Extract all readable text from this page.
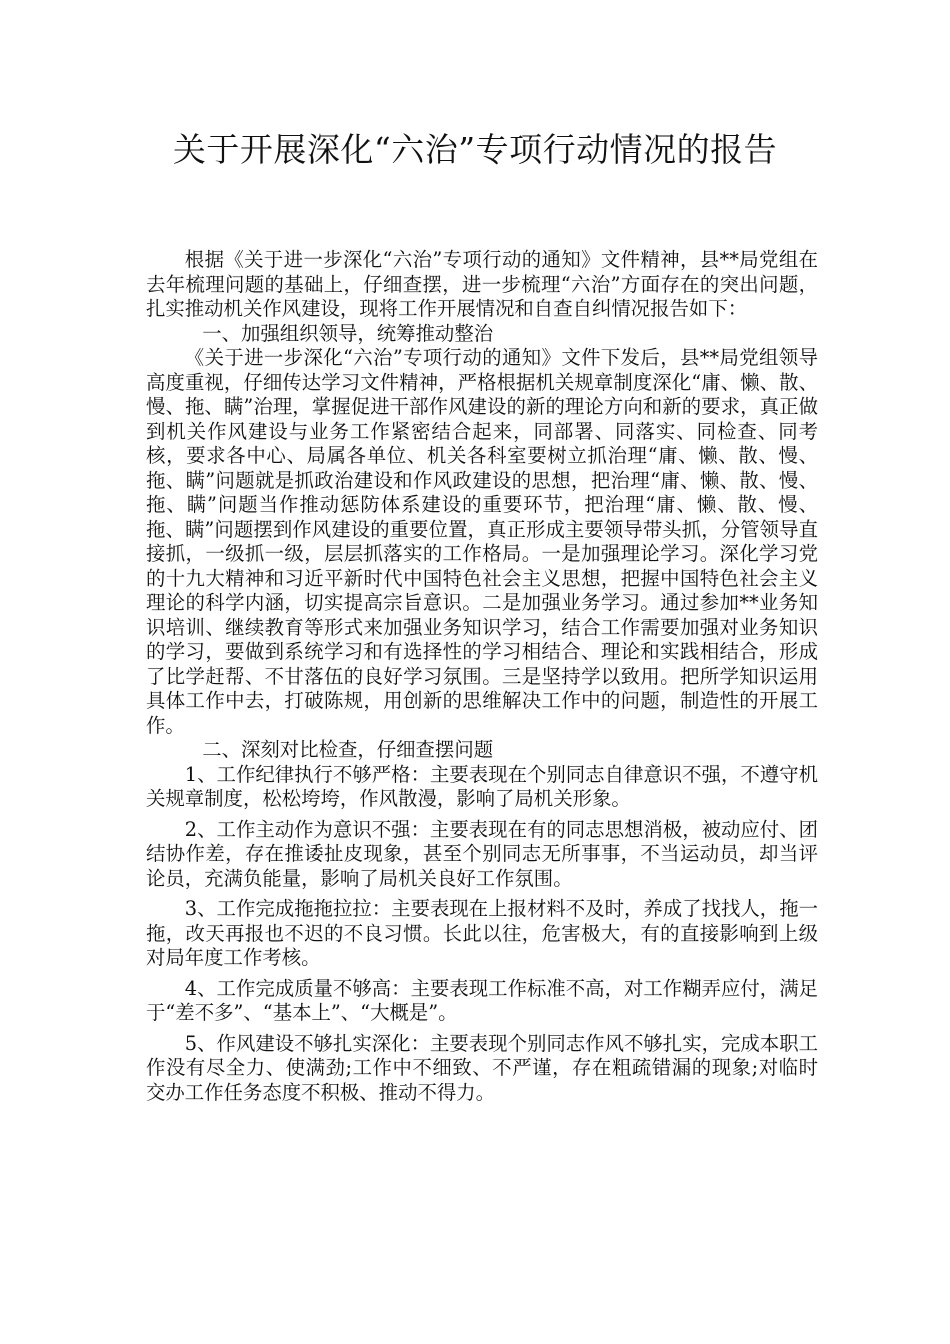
关于开展深化“六治”专项行动情况的报告

根据《关于进一步深化“六治”专项行动的通知》文件精神，县**局党组在去年梳理问题的基础上，仔细查摆，进一步梳理“六治”方面存在的突出问题，扎实推动机关作风建设，现将工作开展情况和自查自纠情况报告如下：

一、加强组织领导，统筹推动整治

《关于进一步深化“六治”专项行动的通知》文件下发后，县**局党组领导高度重视，仔细传达学习文件精神，严格根据机关规章制度深化“庸、懒、散、慢、拖、瞒”治理，掌握促进干部作风建设的新的理论方向和新的要求，真正做到机关作风建设与业务工作紧密结合起来，同部署、同落实、同检查、同考核，要求各中心、局属各单位、机关各科室要树立抓治理“庸、懒、散、慢、拖、瞒”问题就是抓政治建设和作风政建设的思想，把治理“庸、懒、散、慢、拖、瞒”问题当作推动惩防体系建设的重要环节，把治理“庸、懒、散、慢、拖、瞒”问题摆到作风建设的重要位置，真正形成主要领导带头抓，分管领导直接抓，一级抓一级，层层抓落实的工作格局。一是加强理论学习。深化学习党的十九大精神和习近平新时代中国特色社会主义思想，把握中国特色社会主义理论的科学内涵，切实提高宗旨意识。二是加强业务学习。通过参加**业务知识培训、继续教育等形式来加强业务知识学习，结合工作需要加强对业务知识的学习，要做到系统学习和有选择性的学习相结合、理论和实践相结合，形成了比学赶帮、不甘落伍的良好学习氛围。三是坚持学以致用。把所学知识运用具体工作中去，打破陈规，用创新的思维解决工作中的问题，制造性的开展工作。

二、深刻对比检查，仔细查摆问题

1、工作纪律执行不够严格：主要表现在个别同志自律意识不强，不遵守机关规章制度，松松垮垮，作风散漫，影响了局机关形象。

2、工作主动作为意识不强：主要表现在有的同志思想消极，被动应付、团结协作差，存在推诿扯皮现象，甚至个别同志无所事事，不当运动员，却当评论员，充满负能量，影响了局机关良好工作氛围。

3、工作完成拖拖拉拉：主要表现在上报材料不及时，养成了找找人，拖一拖，改天再报也不迟的不良习惯。长此以往，危害极大，有的直接影响到上级对局年度工作考核。

4、工作完成质量不够高：主要表现工作标准不高，对工作糊弄应付，满足于“差不多”、“基本上”、“大概是”。

5、作风建设不够扎实深化：主要表现个别同志作风不够扎实，完成本职工作没有尽全力、使满劲;工作中不细致、不严谨，存在粗疏错漏的现象;对临时交办工作任务态度不积极、推动不得力。
